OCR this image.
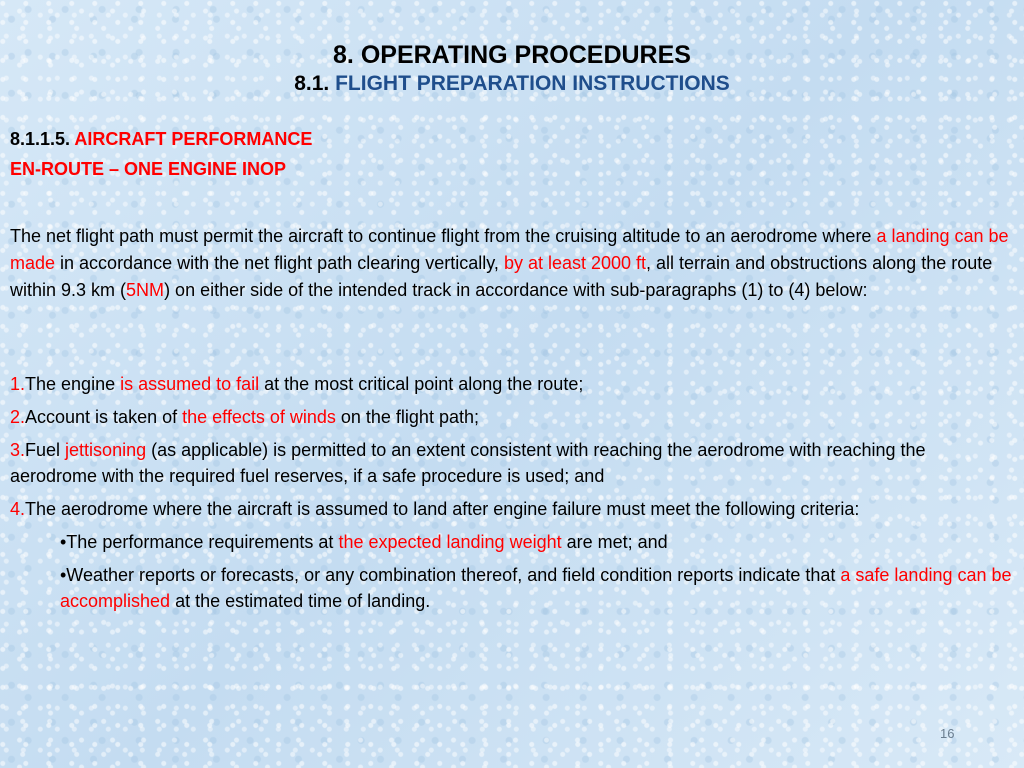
8. OPERATING PROCEDURES
8.1. FLIGHT PREPARATION INSTRUCTIONS
8.1.1.5. AIRCRAFT PERFORMANCE
EN-ROUTE – ONE ENGINE INOP
The net flight path must permit the aircraft to continue flight from the cruising altitude to an aerodrome where a landing can be made in accordance with the net flight path clearing vertically, by at least 2000 ft, all terrain and obstructions along the route within 9.3 km (5NM) on either side of the intended track in accordance with sub-paragraphs (1) to (4) below:
1.The engine is assumed to fail at the most critical point along the route;
2.Account is taken of the effects of winds on the flight path;
3.Fuel jettisoning (as applicable) is permitted to an extent consistent with reaching the aerodrome with reaching the aerodrome with the required fuel reserves, if a safe procedure is used; and
4.The aerodrome where the aircraft is assumed to land after engine failure must meet the following criteria:
•The performance requirements at the expected landing weight are met; and
•Weather reports or forecasts, or any combination thereof, and field condition reports indicate that a safe landing can be accomplished at the estimated time of landing.
16
